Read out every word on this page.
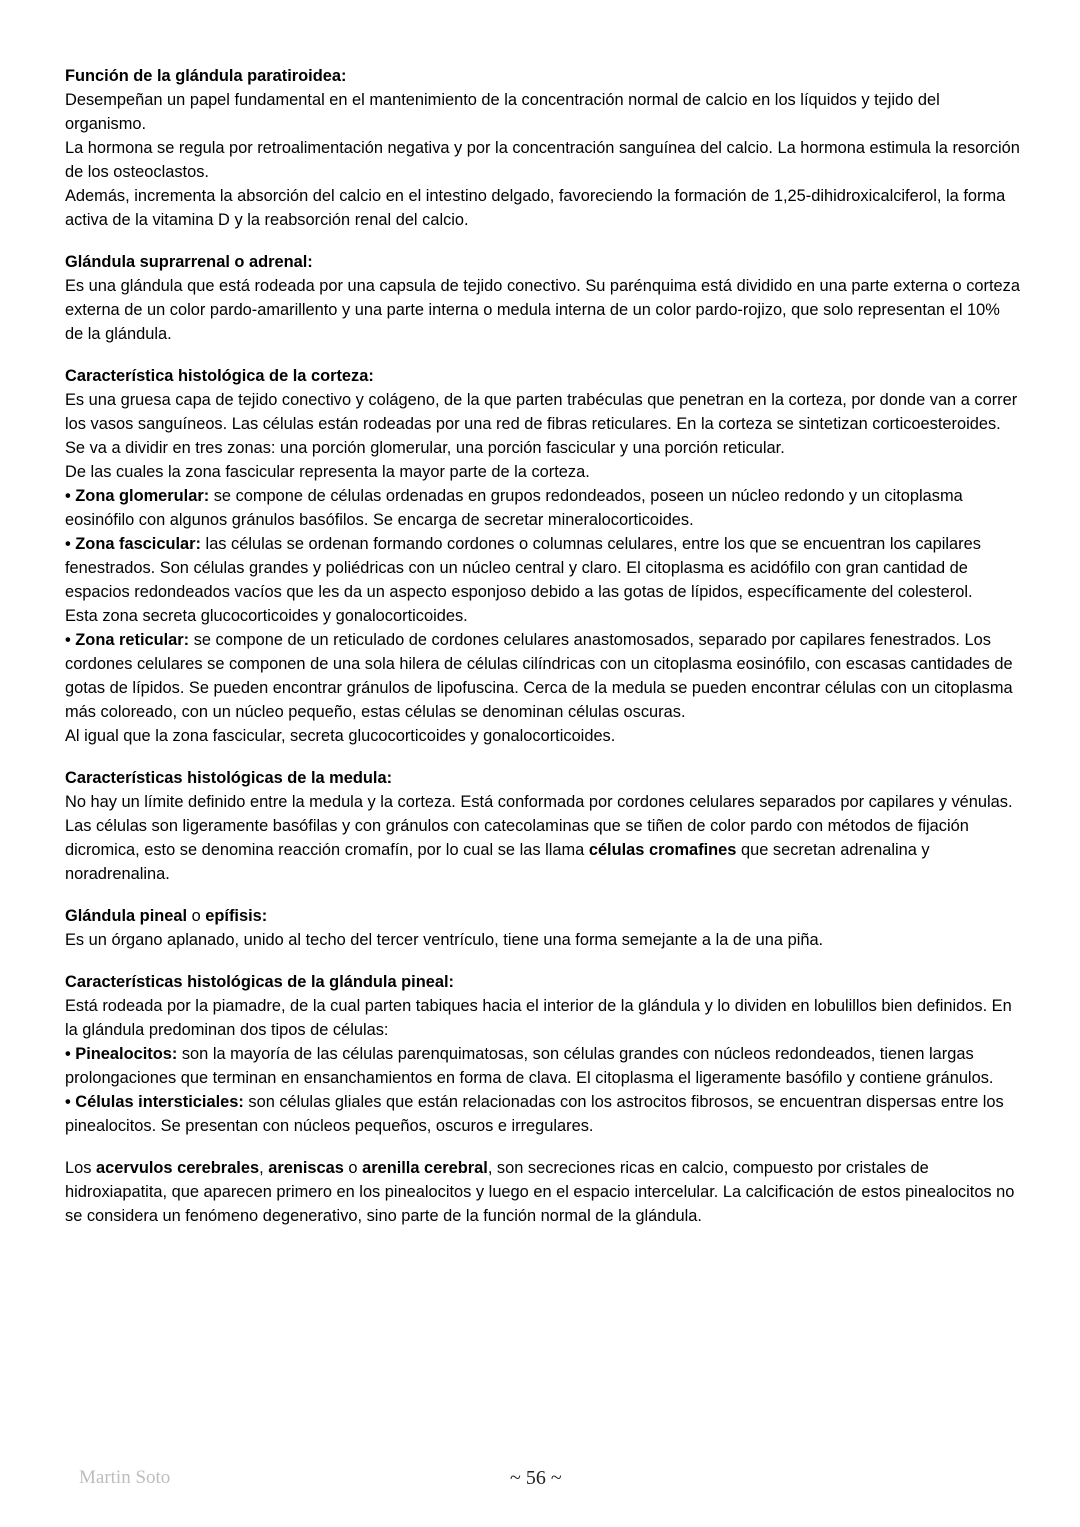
Función de la glándula paratiroidea:

Desempeñan un papel fundamental en el mantenimiento de la concentración normal de calcio en los líquidos y tejido del organismo.

La hormona se regula por retroalimentación negativa y por la concentración sanguínea del calcio. La hormona estimula la resorción de los osteoclastos.

Además, incrementa la absorción del calcio en el intestino delgado, favoreciendo la formación de 1,25-dihidroxicalciferol, la forma activa de la vitamina D y la reabsorción renal del calcio.

Glándula suprarrenal o adrenal:

Es una glándula que está rodeada por una capsula de tejido conectivo. Su parénquima está dividido en una parte externa o corteza externa de un color pardo-amarillento y una parte interna o medula interna de un color pardo-rojizo, que solo representan el 10% de la glándula.

Característica histológica de la corteza:

Es una gruesa capa de tejido conectivo y colágeno, de la que parten trabéculas que penetran en la corteza, por donde van a correr los vasos sanguíneos. Las células están rodeadas por una red de fibras reticulares. En la corteza se sintetizan corticoesteroides.

Se va a dividir en tres zonas: una porción glomerular, una porción fascicular y una porción reticular.

De las cuales la zona fascicular representa la mayor parte de la corteza.

• Zona glomerular: se compone de células ordenadas en grupos redondeados, poseen un núcleo redondo y un citoplasma eosinófilo con algunos gránulos basófilos. Se encarga de secretar mineralocorticoides.

• Zona fascicular: las células se ordenan formando cordones o columnas celulares, entre los que se encuentran los capilares fenestrados. Son células grandes y poliédricas con un núcleo central y claro. El citoplasma es acidófilo con gran cantidad de espacios redondeados vacíos que les da un aspecto esponjoso debido a las gotas de lípidos, específicamente del colesterol.

Esta zona secreta glucocorticoides y gonalocorticoides.

• Zona reticular: se compone de un reticulado de cordones celulares anastomosados, separado por capilares fenestrados. Los cordones celulares se componen de una sola hilera de células cilíndricas con un citoplasma eosinófilo, con escasas cantidades de gotas de lípidos. Se pueden encontrar gránulos de lipofuscina. Cerca de la medula se pueden encontrar células con un citoplasma más coloreado, con un núcleo pequeño, estas células se denominan células oscuras.

Al igual que la zona fascicular, secreta glucocorticoides y gonalocorticoides.

Características histológicas de la medula:

No hay un límite definido entre la medula y la corteza. Está conformada por cordones celulares separados por capilares y vénulas. Las células son ligeramente basófilas y con gránulos con catecolaminas que se tiñen de color pardo con métodos de fijación dicromica, esto se denomina reacción cromafín, por lo cual se las llama células cromafines que secretan adrenalina y noradrenalina.

Glándula pineal o epífisis:

Es un órgano aplanado, unido al techo del tercer ventrículo, tiene una forma semejante a la de una piña.

Características histológicas de la glándula pineal:

Está rodeada por la piamadre, de la cual parten tabiques hacia el interior de la glándula y lo dividen en lobulillos bien definidos. En la glándula predominan dos tipos de células:

• Pinealocitos: son la mayoría de las células parenquimatosas, son células grandes con núcleos redondeados, tienen largas prolongaciones que terminan en ensanchamientos en forma de clava. El citoplasma el ligeramente basófilo y contiene gránulos.

• Células intersticiales: son células gliales que están relacionadas con los astrocitos fibrosos, se encuentran dispersas entre los pinealocitos. Se presentan con núcleos pequeños, oscuros e irregulares.

Los acervulos cerebrales, areniscas o arenilla cerebral, son secreciones ricas en calcio, compuesto por cristales de hidroxiapatita, que aparecen primero en los pinealocitos y luego en el espacio intercelular. La calcificación de estos pinealocitos no se considera un fenómeno degenerativo, sino parte de la función normal de la glándula.

Martin Soto	~ 56 ~
